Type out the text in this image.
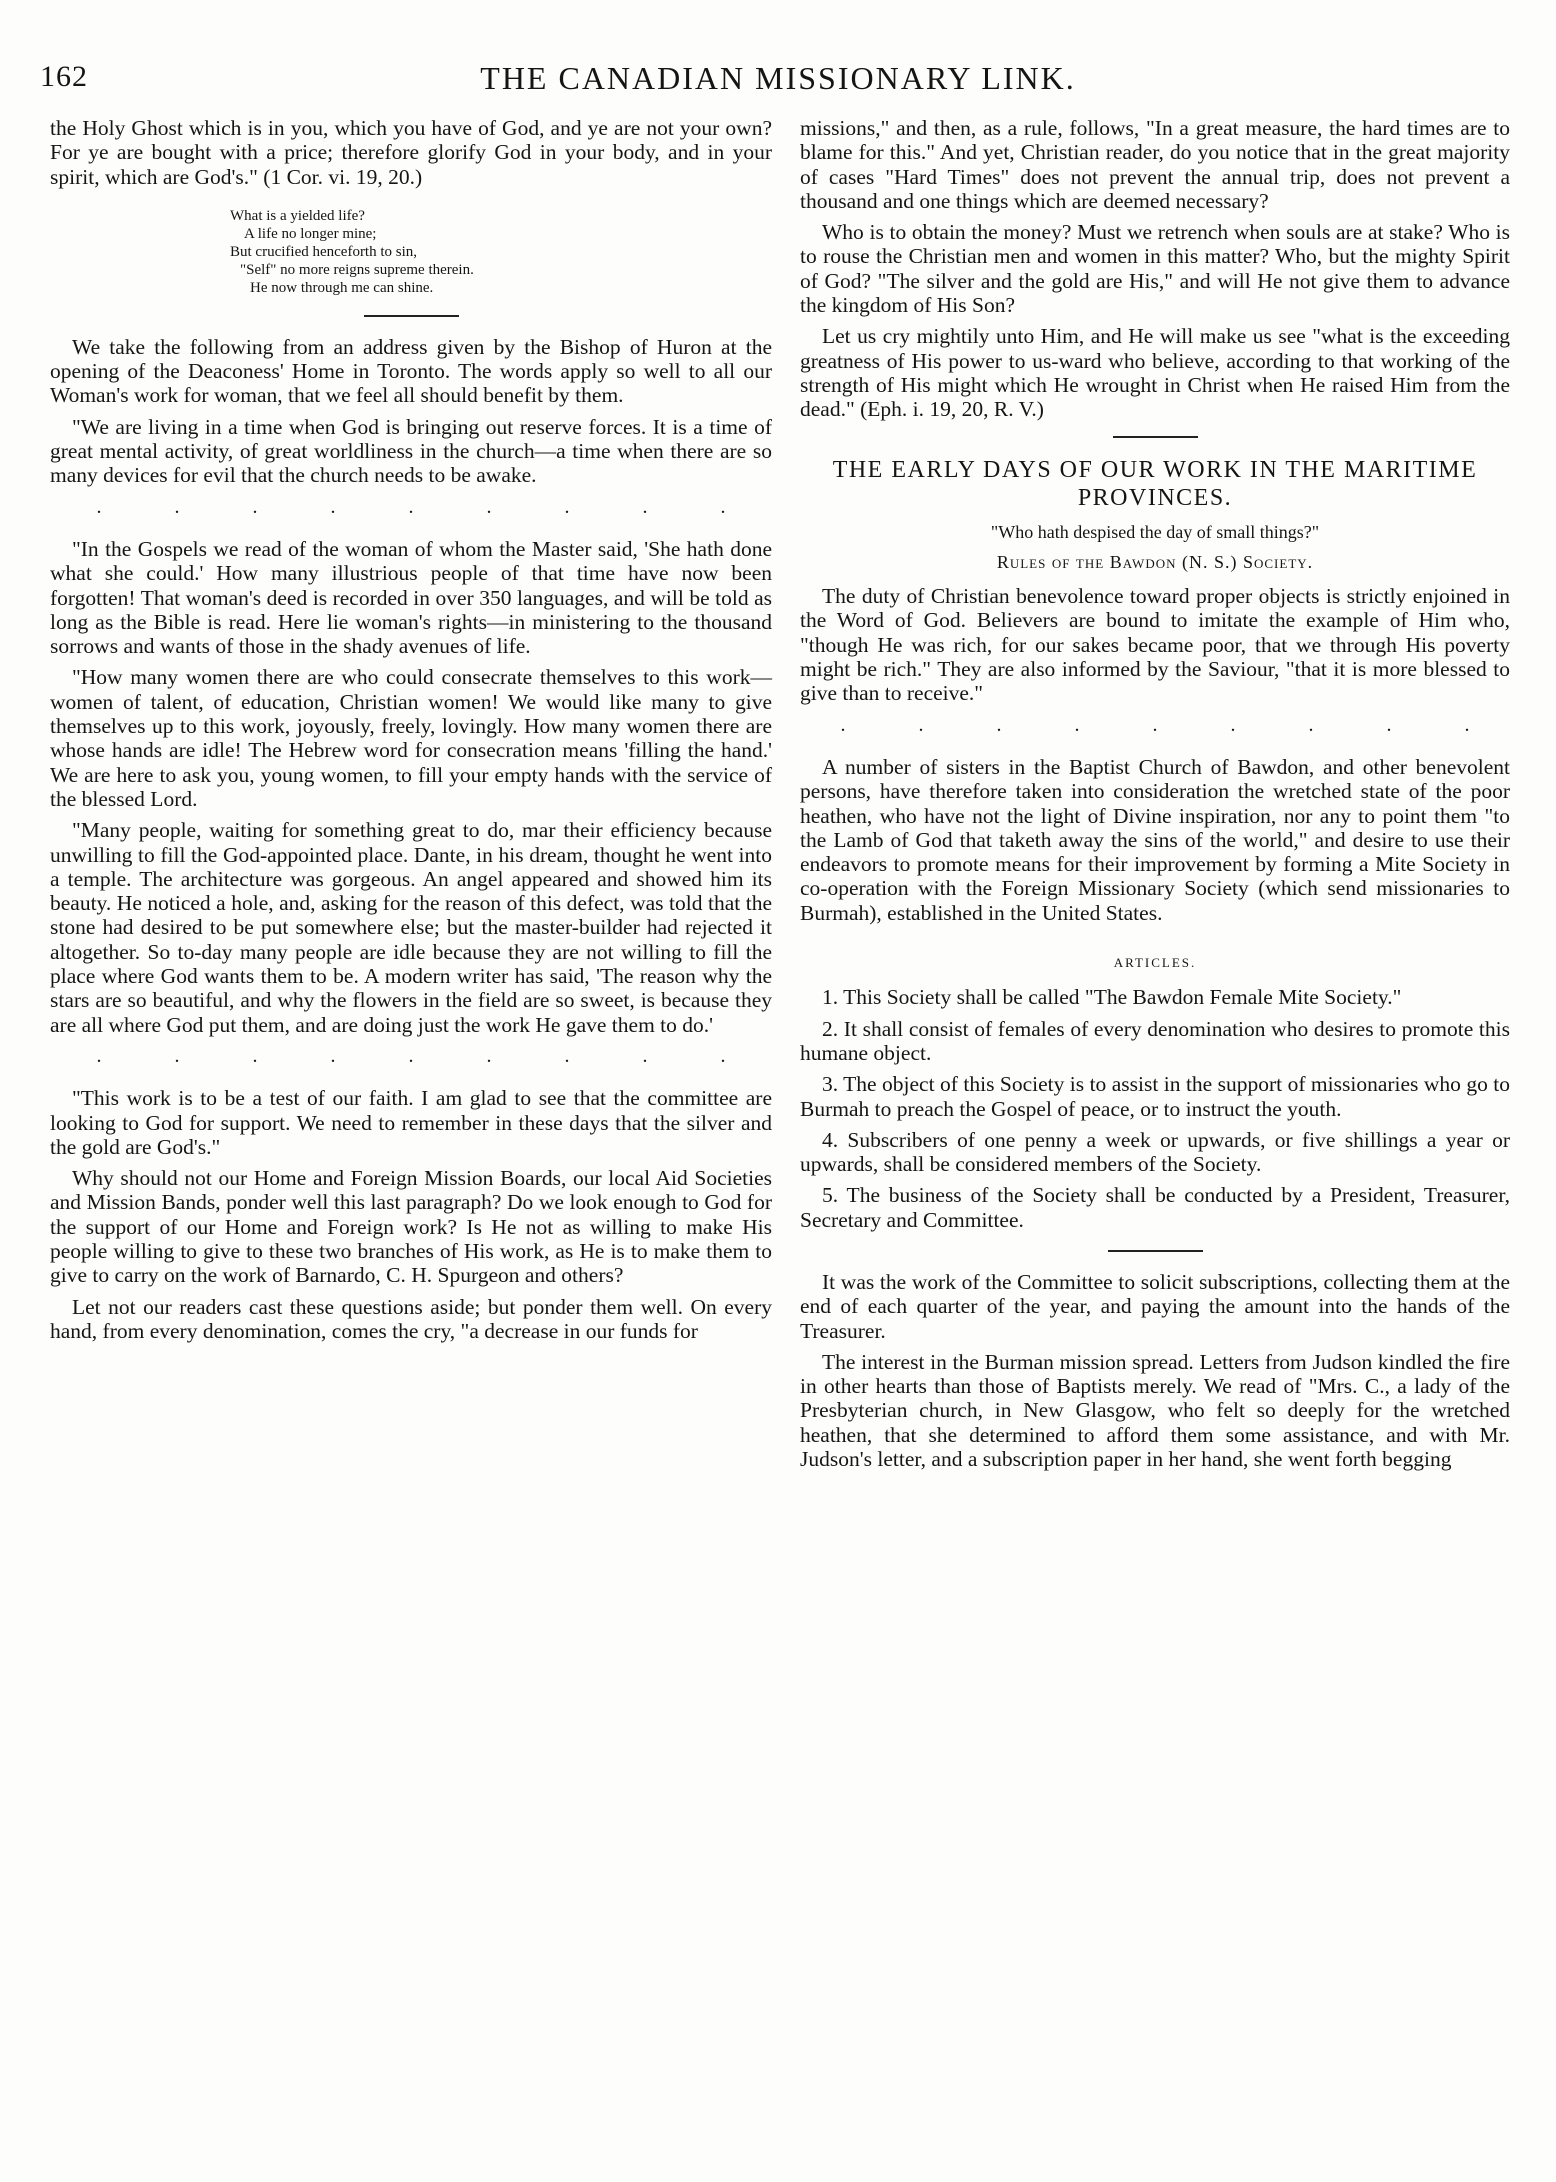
162	THE CANADIAN MISSIONARY LINK.

the Holy Ghost which is in you, which you have of God, and ye are not your own? For ye are bought with a price; therefore glorify God in your body, and in your spirit, which are God's." (1 Cor. vi. 19, 20.)

What is a yielded life?
A life no longer mine;
But crucified henceforth to sin,
"Self" no more reigns supreme therein.
He now through me can shine.

We take the following from an address given by the Bishop of Huron at the opening of the Deaconess' Home in Toronto. The words apply so well to all our Woman's work for woman, that we feel all should benefit by them.

"We are living in a time when God is bringing out reserve forces. It is a time of great mental activity, of great worldliness in the church—a time when there are so many devices for evil that the church needs to be awake.

. . . . . . . . .

"In the Gospels we read of the woman of whom the Master said, 'She hath done what she could.' How many illustrious people of that time have now been forgotten! That woman's deed is recorded in over 350 languages, and will be told as long as the Bible is read. Here lie woman's rights—in ministering to the thousand sorrows and wants of those in the shady avenues of life.

"How many women there are who could consecrate themselves to this work—women of talent, of education, Christian women! We would like many to give themselves up to this work, joyously, freely, lovingly. How many women there are whose hands are idle! The Hebrew word for consecration means 'filling the hand.' We are here to ask you, young women, to fill your empty hands with the service of the blessed Lord.

"Many people, waiting for something great to do, mar their efficiency because unwilling to fill the God-appointed place. Dante, in his dream, thought he went into a temple. The architecture was gorgeous. An angel appeared and showed him its beauty. He noticed a hole, and, asking for the reason of this defect, was told that the stone had desired to be put somewhere else; but the master-builder had rejected it altogether. So to-day many people are idle because they are not willing to fill the place where God wants them to be. A modern writer has said, 'The reason why the stars are so beautiful, and why the flowers in the field are so sweet, is because they are all where God put them, and are doing just the work He gave them to do.'

. . . . . . . . .

"This work is to be a test of our faith. I am glad to see that the committee are looking to God for support. We need to remember in these days that the silver and the gold are God's."

Why should not our Home and Foreign Mission Boards, our local Aid Societies and Mission Bands, ponder well this last paragraph? Do we look enough to God for the support of our Home and Foreign work? Is He not as willing to make His people willing to give to these two branches of His work, as He is to make them to give to carry on the work of Barnardo, C. H. Spurgeon and others?

Let not our readers cast these questions aside; but ponder them well. On every hand, from every denomination, comes the cry, "a decrease in our funds for

missions," and then, as a rule, follows, "In a great measure, the hard times are to blame for this." And yet, Christian reader, do you notice that in the great majority of cases "Hard Times" does not prevent the annual trip, does not prevent a thousand and one things which are deemed necessary?

Who is to obtain the money? Must we retrench when souls are at stake? Who is to rouse the Christian men and women in this matter? Who, but the mighty Spirit of God? "The silver and the gold are His," and will He not give them to advance the kingdom of His Son?

Let us cry mightily unto Him, and He will make us see "what is the exceeding greatness of His power to us-ward who believe, according to that working of the strength of His might which He wrought in Christ when He raised Him from the dead." (Eph. i. 19, 20, R. V.)

THE EARLY DAYS OF OUR WORK IN THE MARITIME PROVINCES.
"Who hath despised the day of small things?"
Rules of the Bawdon (N. S.) Society.

The duty of Christian benevolence toward proper objects is strictly enjoined in the Word of God. Believers are bound to imitate the example of Him who, "though He was rich, for our sakes became poor, that we through His poverty might be rich." They are also informed by the Saviour, "that it is more blessed to give than to receive."

. . . . . . . . .

A number of sisters in the Baptist Church of Bawdon, and other benevolent persons, have therefore taken into consideration the wretched state of the poor heathen, who have not the light of Divine inspiration, nor any to point them "to the Lamb of God that taketh away the sins of the world," and desire to use their endeavors to promote means for their improvement by forming a Mite Society in co-operation with the Foreign Missionary Society (which send missionaries to Burmah), established in the United States.

ARTICLES.

1. This Society shall be called "The Bawdon Female Mite Society."

2. It shall consist of females of every denomination who desires to promote this humane object.

3. The object of this Society is to assist in the support of missionaries who go to Burmah to preach the Gospel of peace, or to instruct the youth.

4. Subscribers of one penny a week or upwards, or five shillings a year or upwards, shall be considered members of the Society.

5. The business of the Society shall be conducted by a President, Treasurer, Secretary and Committee.

It was the work of the Committee to solicit subscriptions, collecting them at the end of each quarter of the year, and paying the amount into the hands of the Treasurer.

The interest in the Burman mission spread. Letters from Judson kindled the fire in other hearts than those of Baptists merely. We read of "Mrs. C., a lady of the Presbyterian church, in New Glasgow, who felt so deeply for the wretched heathen, that she determined to afford them some assistance, and with Mr. Judson's letter, and a subscription paper in her hand, she went forth begging
